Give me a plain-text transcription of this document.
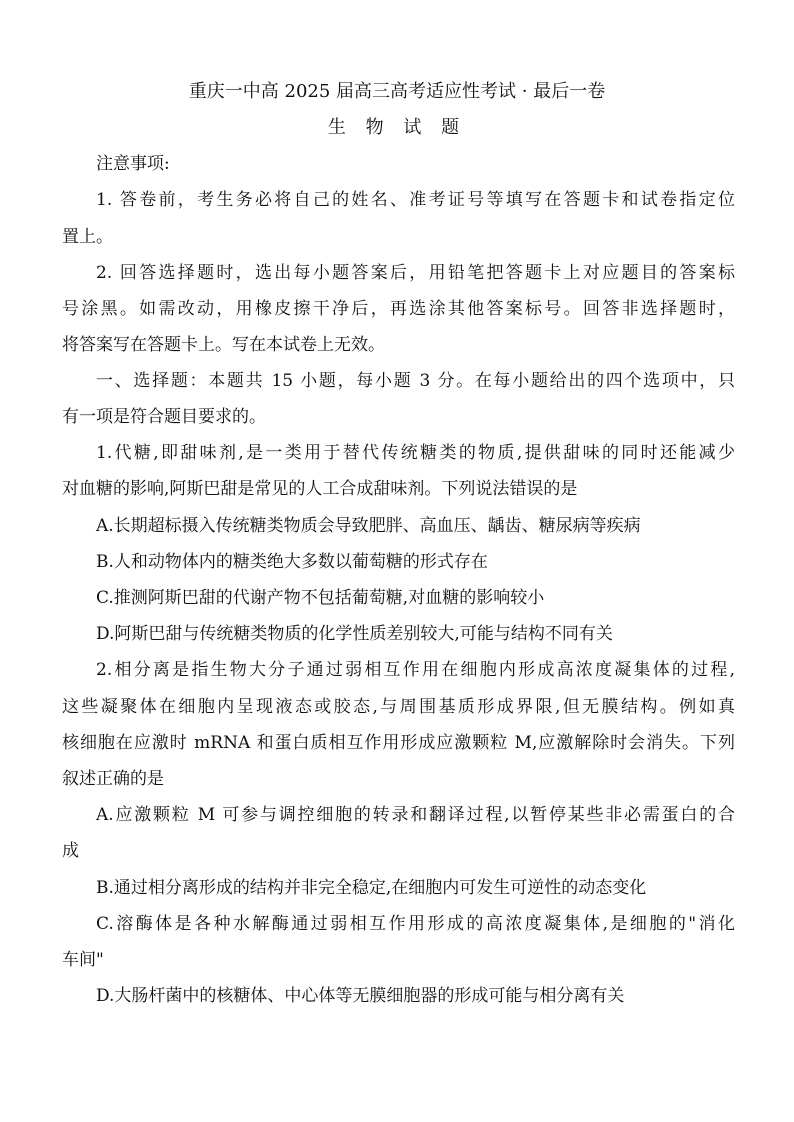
重庆一中高 2025 届高三高考适应性考试 · 最后一卷
生 物 试 题
注意事项:
1. 答卷前，考生务必将自己的姓名、准考证号等填写在答题卡和试卷指定位
置上。
2. 回答选择题时，选出每小题答案后，用铅笔把答题卡上对应题目的答案标
号涂黑。如需改动，用橡皮擦干净后，再选涂其他答案标号。回答非选择题时，
将答案写在答题卡上。写在本试卷上无效。
一、选择题：本题共 15 小题，每小题 3 分。在每小题给出的四个选项中，只
有一项是符合题目要求的。
1.代糖,即甜味剂,是一类用于替代传统糖类的物质,提供甜味的同时还能减少
对血糖的影响,阿斯巴甜是常见的人工合成甜味剂。下列说法错误的是
A.长期超标摄入传统糖类物质会导致肥胖、高血压、龋齿、糖尿病等疾病
B.人和动物体内的糖类绝大多数以葡萄糖的形式存在
C.推测阿斯巴甜的代谢产物不包括葡萄糖,对血糖的影响较小
D.阿斯巴甜与传统糖类物质的化学性质差别较大,可能与结构不同有关
2.相分离是指生物大分子通过弱相互作用在细胞内形成高浓度凝集体的过程,
这些凝聚体在细胞内呈现液态或胶态,与周围基质形成界限,但无膜结构。例如真
核细胞在应激时 mRNA 和蛋白质相互作用形成应激颗粒 M,应激解除时会消失。下列
叙述正确的是
A.应激颗粒 M 可参与调控细胞的转录和翻译过程,以暂停某些非必需蛋白的合
成
B.通过相分离形成的结构并非完全稳定,在细胞内可发生可逆性的动态变化
C.溶酶体是各种水解酶通过弱相互作用形成的高浓度凝集体,是细胞的"消化
车间"
D.大肠杆菌中的核糖体、中心体等无膜细胞器的形成可能与相分离有关
